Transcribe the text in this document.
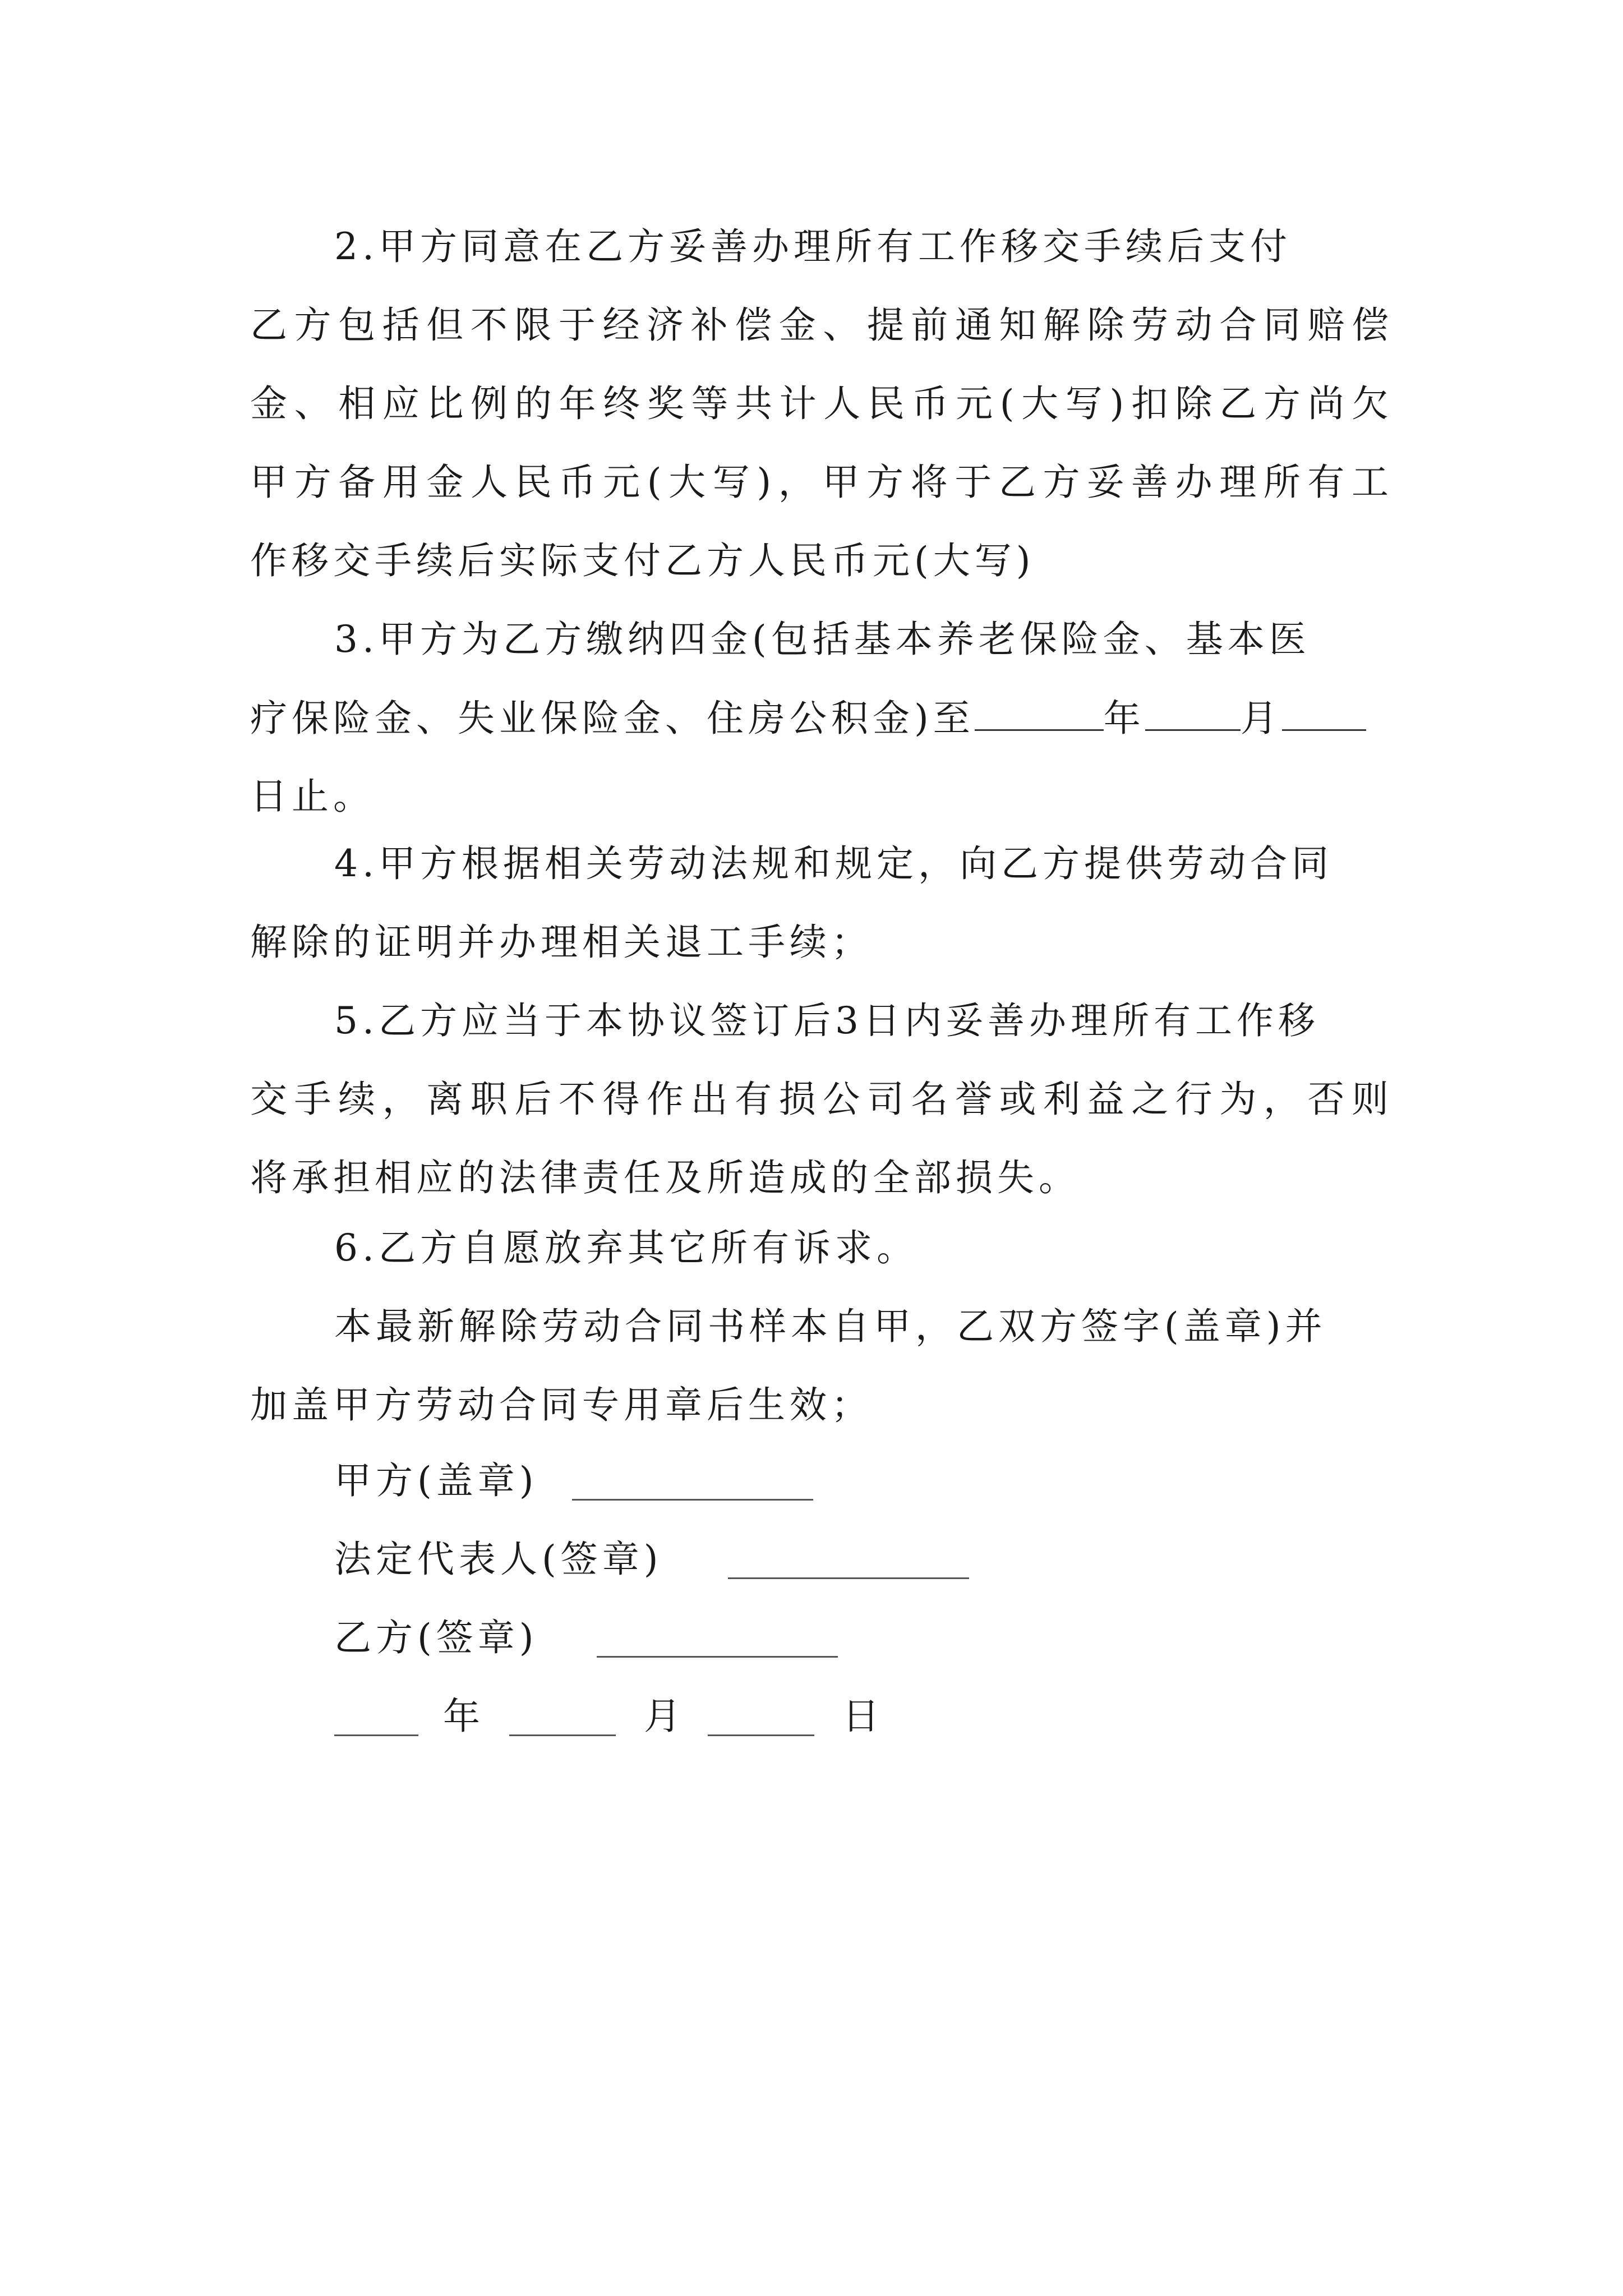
2.甲方同意在乙方妥善办理所有工作移交手续后支付
乙方包括但不限于经济补偿金、提前通知解除劳动合同赔偿
金、相应比例的年终奖等共计人民币元(大写)扣除乙方尚欠
甲方备用金人民币元(大写)，甲方将于乙方妥善办理所有工
作移交手续后实际支付乙方人民币元(大写)
3.甲方为乙方缴纳四金(包括基本养老保险金、基本医
疗保险金、失业保险金、住房公积金)至	年	月
日止。
4.甲方根据相关劳动法规和规定，向乙方提供劳动合同
解除的证明并办理相关退工手续；
5.乙方应当于本协议签订后3日内妥善办理所有工作移
交手续，离职后不得作出有损公司名誉或利益之行为，否则
将承担相应的法律责任及所造成的全部损失。
6.乙方自愿放弃其它所有诉求。
本最新解除劳动合同书样本自甲，乙双方签字(盖章)并
加盖甲方劳动合同专用章后生效；
甲方(盖章)
法定代表人(签章)
乙方(签章)
年	月	日
